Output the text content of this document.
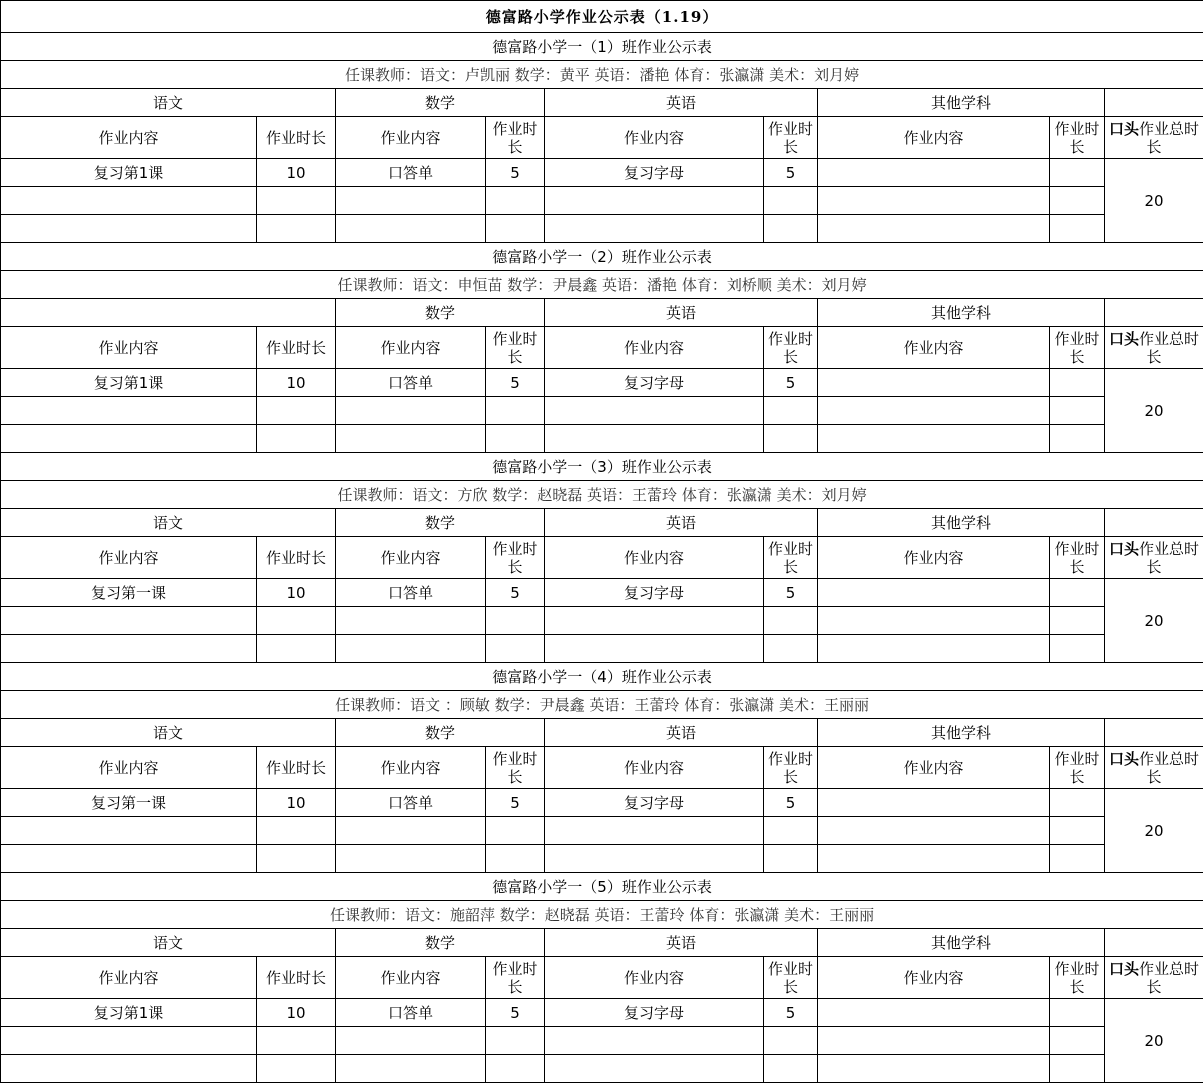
德富路小学作业公示表（1.19）								
德富路小学一（1）班作业公示表								
任课教师：语文：卢凯丽 数学：黄平 英语：潘艳 体育：张瀛潇 美术：刘月婷								
语文		数学		英语		其他学科		
作业内容	作业时长	作业内容	作业时长	作业内容	作业时长	作业内容	作业时长	口头作业总时长
复习第1课	10	口答单	5	复习字母	5			20

德富路小学一（2）班作业公示表								
任课教师：语文：申恒苗 数学：尹晨鑫 英语：潘艳 体育：刘桥顺 美术：刘月婷								
		数学		英语		其他学科		
作业内容	作业时长	作业内容	作业时长	作业内容	作业时长	作业内容	作业时长	口头作业总时长
复习第1课	10	口答单	5	复习字母	5			20

德富路小学一（3）班作业公示表								
任课教师：语文：方欣 数学：赵晓磊 英语：王蕾玲 体育：张瀛潇 美术：刘月婷								
语文		数学		英语		其他学科		
作业内容	作业时长	作业内容	作业时长	作业内容	作业时长	作业内容	作业时长	口头作业总时长
复习第一课	10	口答单	5	复习字母	5			20

德富路小学一（4）班作业公示表								
任课教师：语文 ：顾敏 数学：尹晨鑫 英语：王蕾玲 体育：张瀛潇 美术：王丽丽								
语文		数学		英语		其他学科		
作业内容	作业时长	作业内容	作业时长	作业内容	作业时长	作业内容	作业时长	口头作业总时长
复习第一课	10	口答单	5	复习字母	5			20

德富路小学一（5）班作业公示表								
任课教师：语文：施韶萍 数学：赵晓磊 英语：王蕾玲 体育：张瀛潇 美术：王丽丽								
语文		数学		英语		其他学科		
作业内容	作业时长	作业内容	作业时长	作业内容	作业时长	作业内容	作业时长	口头作业总时长
复习第1课	10	口答单	5	复习字母	5			20
